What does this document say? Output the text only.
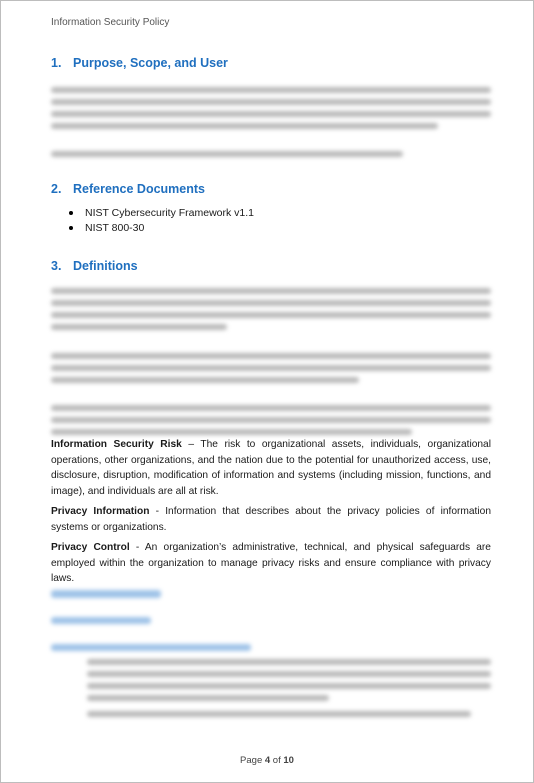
Information Security Policy
1. Purpose, Scope, and User
2. Reference Documents
NIST Cybersecurity Framework v1.1
NIST 800-30
3. Definitions

Information Security Risk – The risk to organizational assets, individuals, organizational operations, other organizations, and the nation due to the potential for unauthorized access, use, disclosure, disruption, modification of information and systems (including mission, functions, and image), and individuals are all at risk.

Privacy Information - Information that describes about the privacy policies of information systems or organizations.

Privacy Control - An organization’s administrative, technical, and physical safeguards are employed within the organization to manage privacy risks and ensure compliance with privacy laws.

Page 4 of 10
